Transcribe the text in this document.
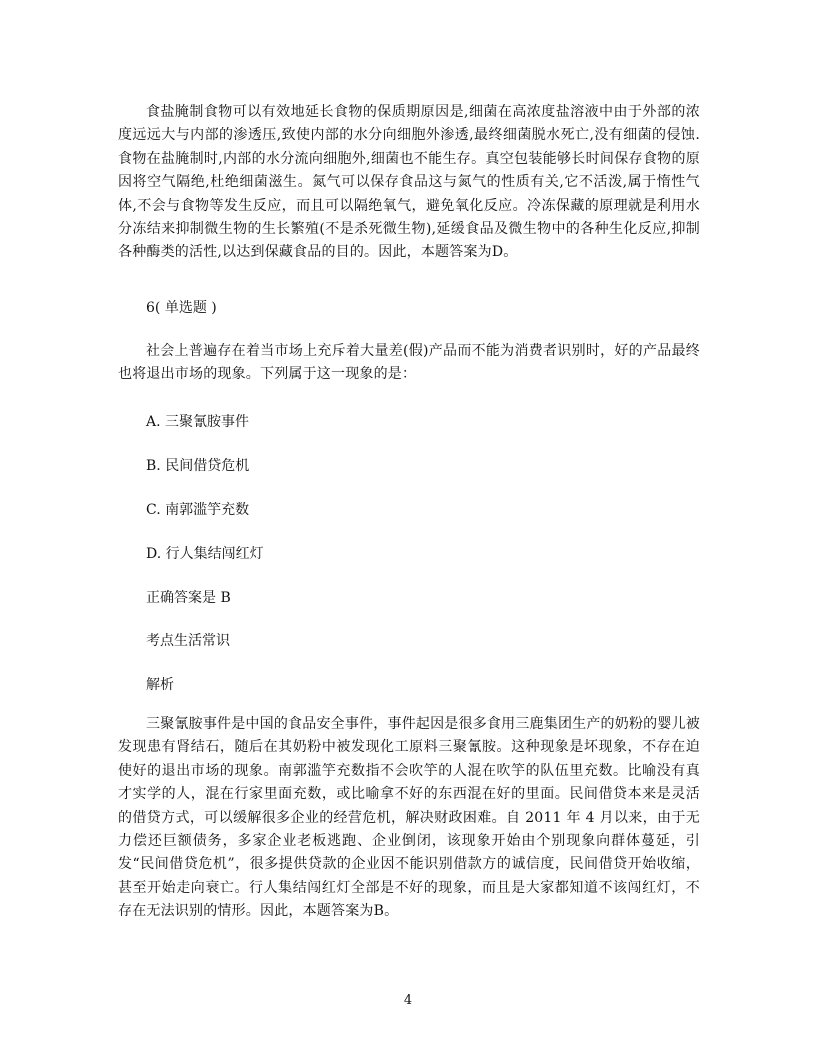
食盐腌制食物可以有效地延长食物的保质期原因是,细菌在高浓度盐溶液中由于外部的浓度远远大与内部的渗透压,致使内部的水分向细胞外渗透,最终细菌脱水死亡,没有细菌的侵蚀.食物在盐腌制时,内部的水分流向细胞外,细菌也不能生存。真空包装能够长时间保存食物的原因将空气隔绝,杜绝细菌滋生。氮气可以保存食品这与氮气的性质有关,它不活泼,属于惰性气体,不会与食物等发生反应，而且可以隔绝氧气，避免氧化反应。冷冻保藏的原理就是利用水分冻结来抑制微生物的生长繁殖(不是杀死微生物),延缓食品及微生物中的各种生化反应,抑制各种酶类的活性,以达到保藏食品的目的。因此，本题答案为D。

6( 单选题 )

社会上普遍存在着当市场上充斥着大量差(假)产品而不能为消费者识别时，好的产品最终也将退出市场的现象。下列属于这一现象的是：

A. 三聚氰胺事件

B. 民间借贷危机

C. 南郭滥竽充数

D. 行人集结闯红灯

正确答案是 B

考点生活常识

解析

三聚氰胺事件是中国的食品安全事件，事件起因是很多食用三鹿集团生产的奶粉的婴儿被发现患有肾结石，随后在其奶粉中被发现化工原料三聚氰胺。这种现象是坏现象，不存在迫使好的退出市场的现象。南郭滥竽充数指不会吹竽的人混在吹竽的队伍里充数。比喻没有真才实学的人，混在行家里面充数，或比喻拿不好的东西混在好的里面。民间借贷本来是灵活的借贷方式，可以缓解很多企业的经营危机，解决财政困难。自 2011 年 4 月以来，由于无力偿还巨额债务，多家企业老板逃跑、企业倒闭，该现象开始由个别现象向群体蔓延，引发“民间借贷危机”，很多提供贷款的企业因不能识别借款方的诚信度，民间借贷开始收缩，甚至开始走向衰亡。行人集结闯红灯全部是不好的现象，而且是大家都知道不该闯红灯，不存在无法识别的情形。因此，本题答案为B。

4
